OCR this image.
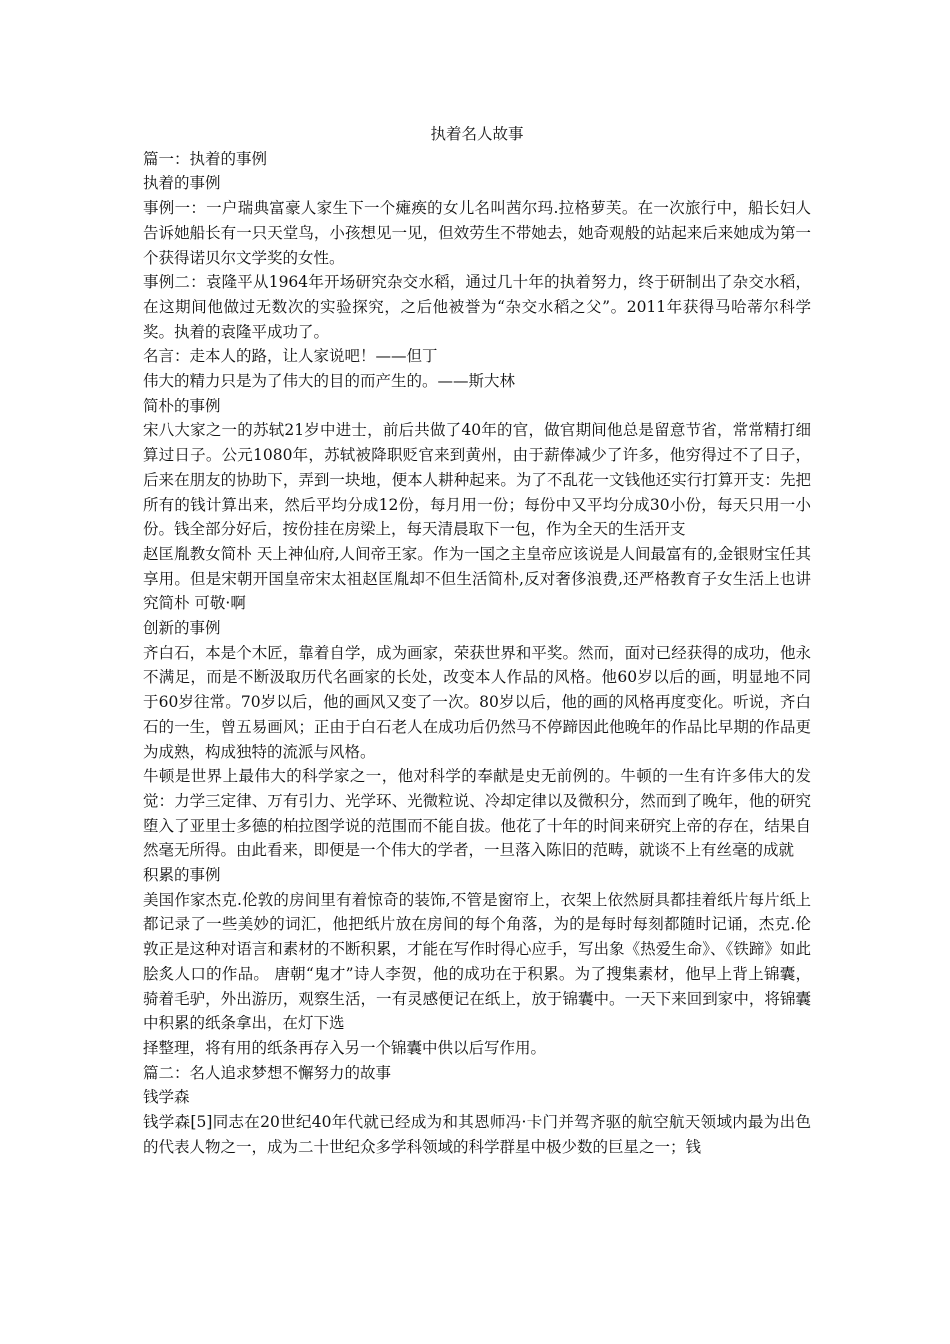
执着名人故事

篇一：执着的事例

执着的事例

事例一：一户瑞典富豪人家生下一个瘫痪的女儿名叫茜尔玛.拉格萝芙。在一次旅行中，船长妇人告诉她船长有一只天堂鸟，小孩想见一见，但效劳生不带她去，她奇观般的站起来后来她成为第一个获得诺贝尔文学奖的女性。

事例二：袁隆平从1964年开场研究杂交水稻，通过几十年的执着努力，终于研制出了杂交水稻，在这期间他做过无数次的实验探究，之后他被誉为“杂交水稻之父”。2011年获得马哈蒂尔科学奖。执着的袁隆平成功了。

名言：走本人的路，让人家说吧！——但丁

伟大的精力只是为了伟大的目的而产生的。——斯大林

简朴的事例

宋八大家之一的苏轼21岁中进士，前后共做了40年的官，做官期间他总是留意节省，常常精打细算过日子。公元1080年，苏轼被降职贬官来到黄州，由于薪俸减少了许多，他穷得过不了日子，后来在朋友的协助下，弄到一块地，便本人耕种起来。为了不乱花一文钱他还实行打算开支：先把所有的钱计算出来，然后平均分成12份，每月用一份；每份中又平均分成30小份，每天只用一小份。钱全部分好后，按份挂在房梁上，每天清晨取下一包，作为全天的生活开支

赵匡胤教女简朴 天上神仙府,人间帝王家。作为一国之主皇帝应该说是人间最富有的,金银财宝任其享用。但是宋朝开国皇帝宋太祖赵匡胤却不但生活简朴,反对奢侈浪费,还严格教育子女生活上也讲究简朴 可敬·啊

创新的事例

齐白石，本是个木匠，靠着自学，成为画家，荣获世界和平奖。然而，面对已经获得的成功，他永不满足，而是不断汲取历代名画家的长处，改变本人作品的风格。他60岁以后的画，明显地不同于60岁往常。70岁以后，他的画风又变了一次。80岁以后，他的画的风格再度变化。听说，齐白石的一生，曾五易画风；正由于白石老人在成功后仍然马不停蹄因此他晚年的作品比早期的作品更为成熟，构成独特的流派与风格。

牛顿是世界上最伟大的科学家之一，他对科学的奉献是史无前例的。牛顿的一生有许多伟大的发觉：力学三定律、万有引力、光学环、光微粒说、冷却定律以及微积分，然而到了晚年，他的研究堕入了亚里士多德的柏拉图学说的范围而不能自拔。他花了十年的时间来研究上帝的存在，结果自然毫无所得。由此看来，即便是一个伟大的学者，一旦落入陈旧的范畴，就谈不上有丝毫的成就

积累的事例

美国作家杰克.伦敦的房间里有着惊奇的装饰,不管是窗帘上，衣架上依然厨具都挂着纸片每片纸上都记录了一些美妙的词汇，他把纸片放在房间的每个角落，为的是每时每刻都随时记诵，杰克.伦敦正是这种对语言和素材的不断积累，才能在写作时得心应手，写出象《热爱生命》、《铁蹄》如此脍炙人口的作品。 唐朝“鬼才”诗人李贺，他的成功在于积累。为了搜集素材，他早上背上锦囊，骑着毛驴，外出游历，观察生活，一有灵感便记在纸上，放于锦囊中。一天下来回到家中，将锦囊中积累的纸条拿出，在灯下选

择整理，将有用的纸条再存入另一个锦囊中供以后写作用。

篇二：名人追求梦想不懈努力的故事

钱学森

钱学森[5]同志在20世纪40年代就已经成为和其恩师冯·卡门并驾齐驱的航空航天领域内最为出色的代表人物之一，成为二十世纪众多学科领域的科学群星中极少数的巨星之一；钱
